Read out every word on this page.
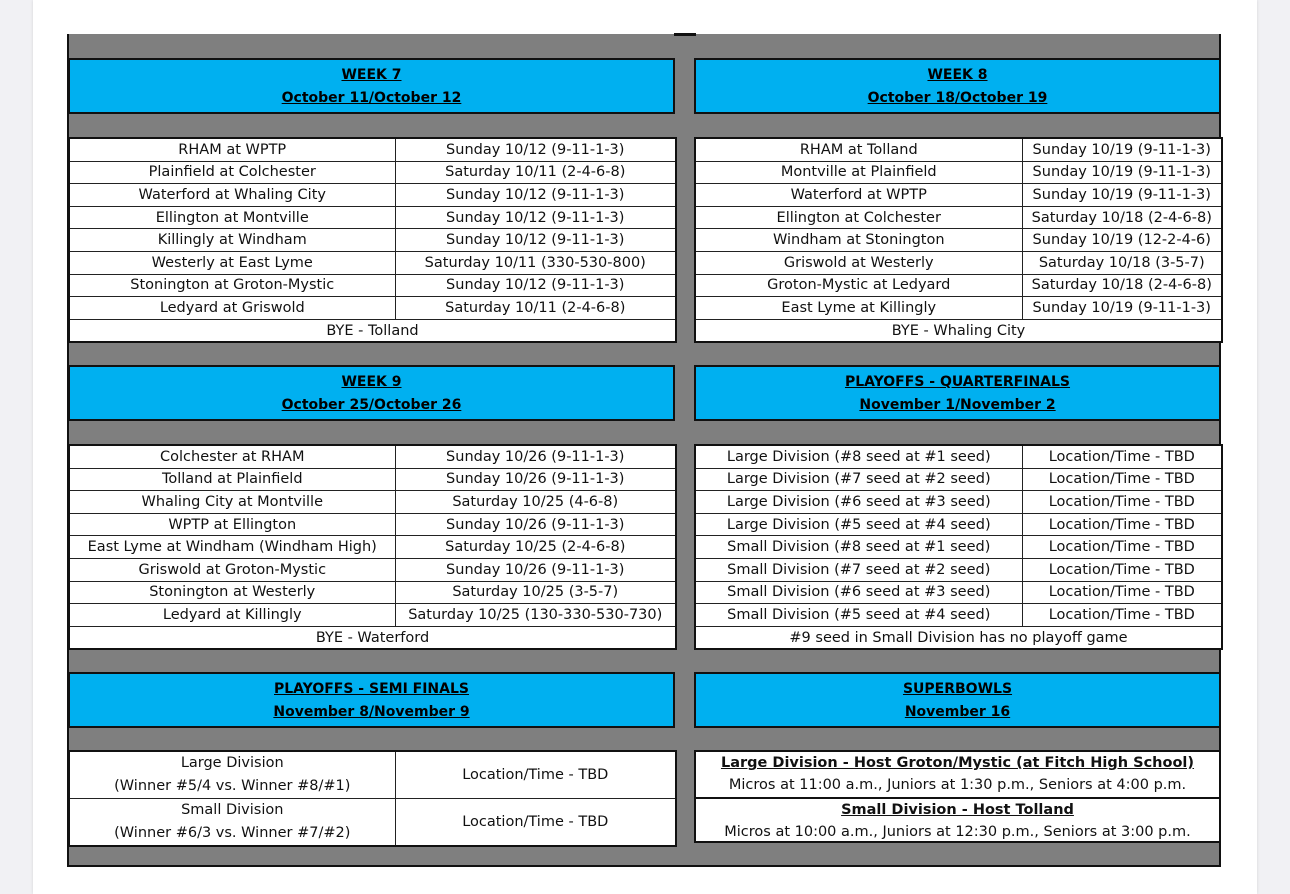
WEEK 7
October 11/October 12
RHAM at WPTP	Sunday 10/12 (9-11-1-3)
Plainfield at Colchester	Saturday 10/11 (2-4-6-8)
Waterford at Whaling City	Sunday 10/12 (9-11-1-3)
Ellington at Montville	Sunday 10/12 (9-11-1-3)
Killingly at Windham	Sunday 10/12 (9-11-1-3)
Westerly at East Lyme	Saturday 10/11 (330-530-800)
Stonington at Groton-Mystic	Sunday 10/12 (9-11-1-3)
Ledyard at Griswold	Saturday 10/11 (2-4-6-8)
BYE - Tolland	
WEEK 8
October 18/October 19
RHAM at Tolland	Sunday 10/19 (9-11-1-3)
Montville at Plainfield	Sunday 10/19 (9-11-1-3)
Waterford at WPTP	Sunday 10/19 (9-11-1-3)
Ellington at Colchester	Saturday 10/18 (2-4-6-8)
Windham at Stonington	Sunday 10/19 (12-2-4-6)
Griswold at Westerly	Saturday 10/18 (3-5-7)
Groton-Mystic at Ledyard	Saturday 10/18 (2-4-6-8)
East Lyme at Killingly	Sunday 10/19 (9-11-1-3)
BYE - Whaling City	
WEEK 9
October 25/October 26
Colchester at RHAM	Sunday 10/26 (9-11-1-3)
Tolland at Plainfield	Sunday 10/26 (9-11-1-3)
Whaling City at Montville	Saturday 10/25 (4-6-8)
WPTP at Ellington	Sunday 10/26 (9-11-1-3)
East Lyme at Windham (Windham High)	Saturday 10/25 (2-4-6-8)
Griswold at Groton-Mystic	Sunday 10/26 (9-11-1-3)
Stonington at Westerly	Saturday 10/25 (3-5-7)
Ledyard at Killingly	Saturday 10/25 (130-330-530-730)
BYE - Waterford	
PLAYOFFS - QUARTERFINALS
November 1/November 2
Large Division (#8 seed at #1 seed)	Location/Time - TBD
Large Division (#7 seed at #2 seed)	Location/Time - TBD
Large Division (#6 seed at #3 seed)	Location/Time - TBD
Large Division (#5 seed at #4 seed)	Location/Time - TBD
Small Division (#8 seed at #1 seed)	Location/Time - TBD
Small Division (#7 seed at #2 seed)	Location/Time - TBD
Small Division (#6 seed at #3 seed)	Location/Time - TBD
Small Division (#5 seed at #4 seed)	Location/Time - TBD
#9 seed in Small Division has no playoff game	
PLAYOFFS - SEMI FINALS
November 8/November 9
Large Division
(Winner #5/4 vs. Winner #8/#1)	Location/Time - TBD

Small Division
(Winner #6/3 vs. Winner #7/#2)	Location/Time - TBD
SUPERBOWLS
November 16
Large Division - Host Groton/Mystic (at Fitch High School)
Micros at 11:00 a.m., Juniors at 1:30 p.m., Seniors at 4:00 p.m.
Small Division - Host Tolland
Micros at 10:00 a.m., Juniors at 12:30 p.m., Seniors at 3:00 p.m.
